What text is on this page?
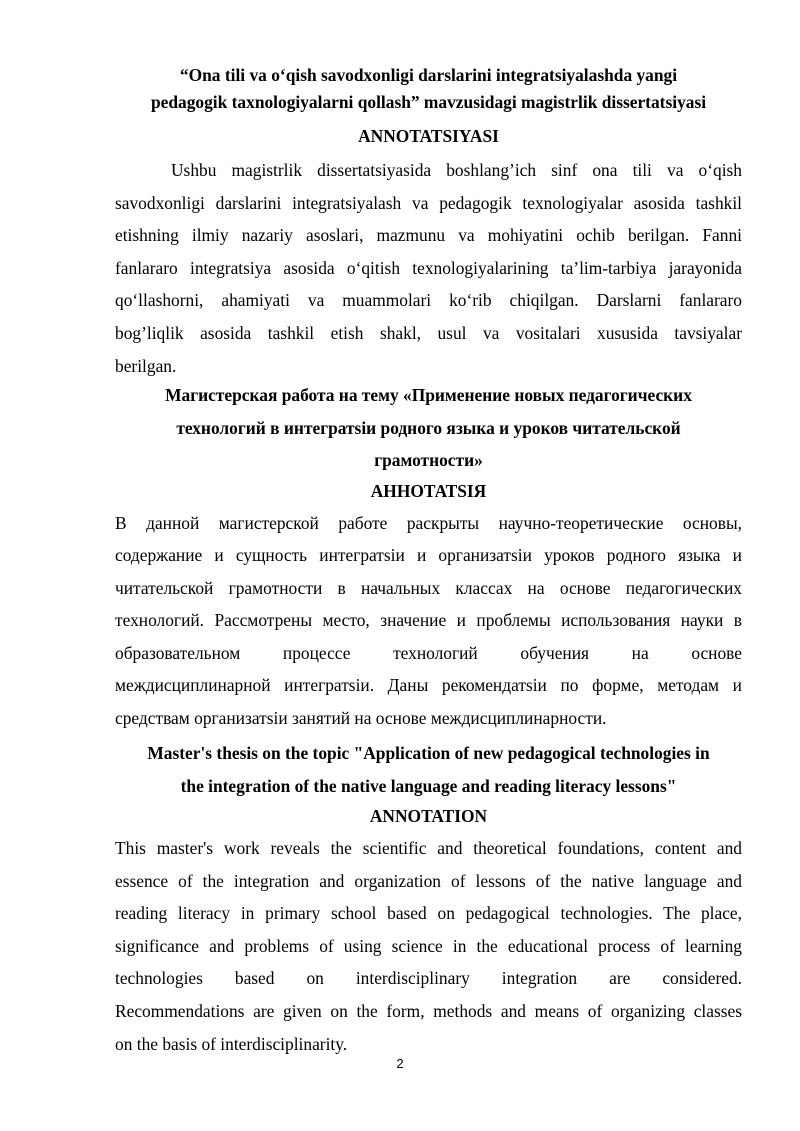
“Ona tili va o‘qish savodxonligi darslarini integratsiyalashda yangi
pedagogik taxnologiyalarni qollash” mavzusidagi magistrlik dissertatsiyasi
ANNOTATSIYASI
Ushbu magistrlik dissertatsiyasida boshlang’ich sinf ona tili va o‘qish
savodxonligi darslarini integratsiyalash va pedagogik texnologiyalar asosida tashkil
etishning ilmiy nazariy asoslari, mazmunu va mohiyatini ochib berilgan. Fanni
fanlararo integratsiya asosida o‘qitish texnologiyalarining ta’lim-tarbiya jarayonida
qo‘llashorni, ahamiyati va muammolari ko‘rib chiqilgan. Darslarni fanlararo
bog’liqlik asosida tashkil etish shakl, usul va vositalari xususida tavsiyalar
berilgan.
Магистерская работа на тему «Применение новых педагогических
технологий в интегратsiи родного языка и уроков читательской
грамотности»
АННОТАТSIЯ
В данной магистерской работе раскрыты научно-теоретические основы,
содержание и сущность интегратsiи и организатsiи уроков родного языка и
читательской грамотности в начальных классах на основе педагогических
технологий. Рассмотрены место, значение и проблемы использования науки в
образовательном процессе технологий обучения на основе
междисциплинарной интегратsiи. Даны рекомендатsiи по форме, методам и
средствам организатsiи занятий на основе междисциплинарности.
Master's thesis on the topic "Application of new pedagogical technologies in
the integration of the native language and reading literacy lessons"
ANNOTATION
This master's work reveals the scientific and theoretical foundations, content and
essence of the integration and organization of lessons of the native language and
reading literacy in primary school based on pedagogical technologies. The place,
significance and problems of using science in the educational process of learning
technologies based on interdisciplinary integration are considered.
Recommendations are given on the form, methods and means of organizing classes
on the basis of interdisciplinarity.
2
